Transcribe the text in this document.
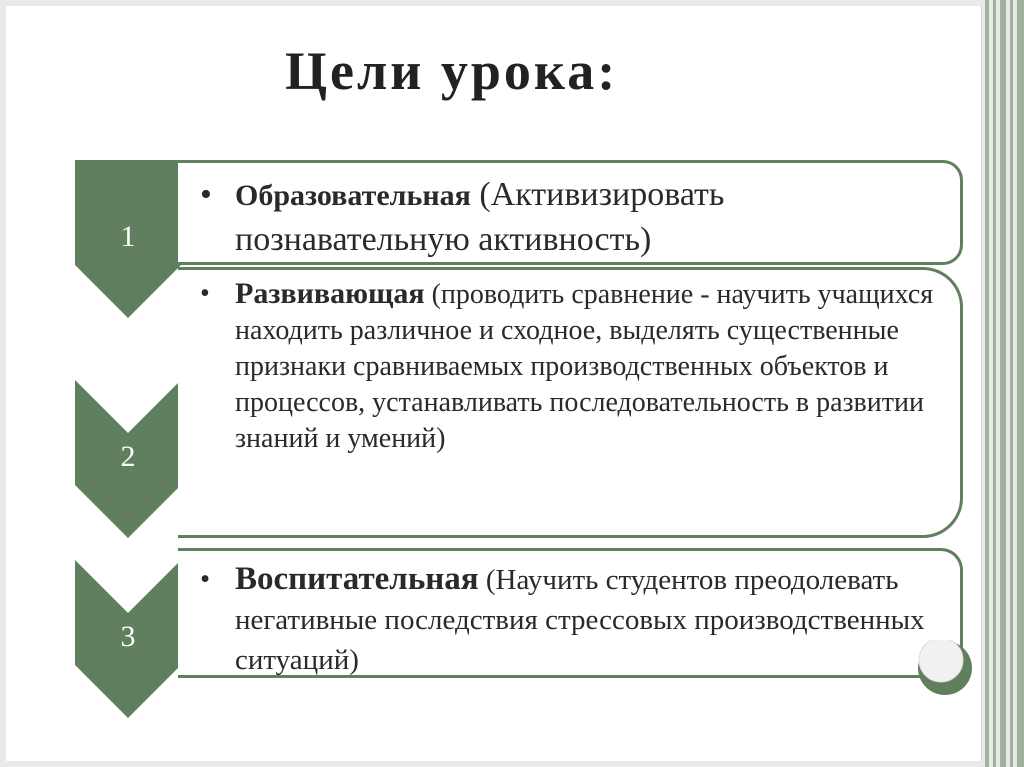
Цели урока:
1
2
3
• Образовательная (Активизировать познавательную активность)
• Развивающая (проводить сравнение - научить учащихся находить различное и сходное, выделять существенные признаки сравниваемых производственных объектов и процессов, устанавливать последовательность в развитии знаний и умений)
• Воспитательная (Научить студентов преодолевать негативные последствия стрессовых производственных ситуаций)
